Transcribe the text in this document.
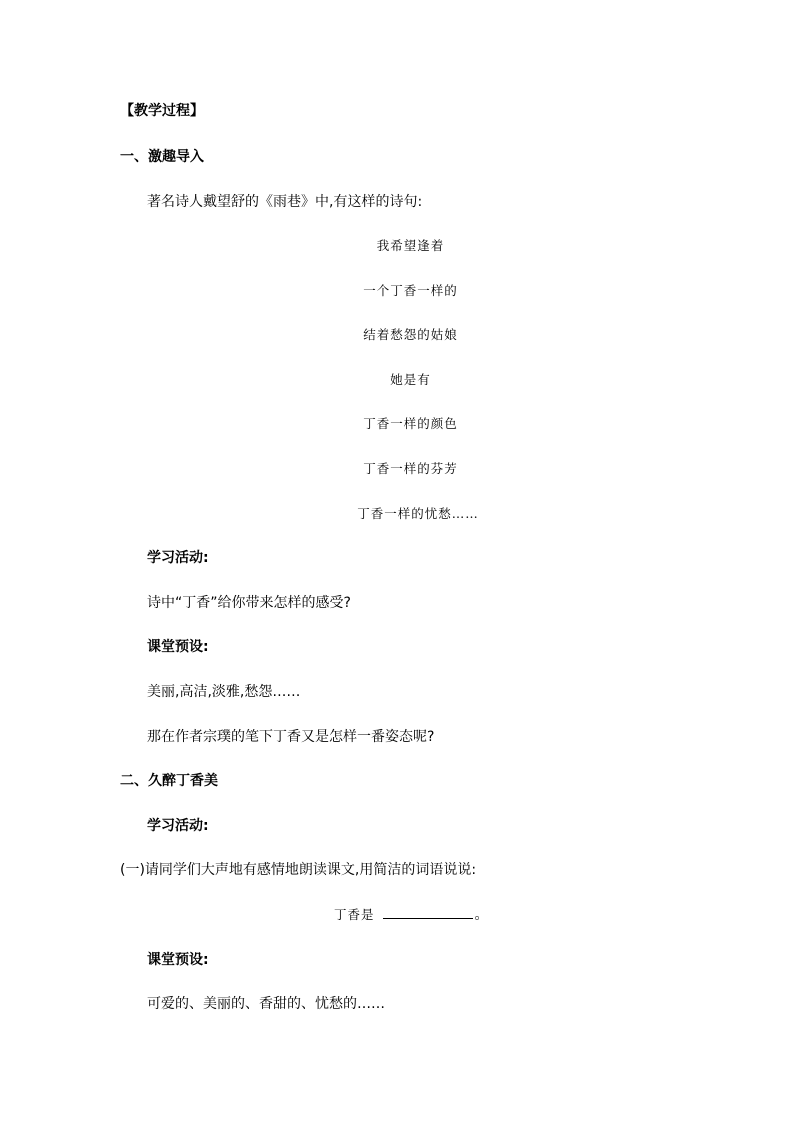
【教学过程】
一、激趣导入
著名诗人戴望舒的《雨巷》中,有这样的诗句:
我希望逢着
一个丁香一样的
结着愁怨的姑娘
她是有
丁香一样的颜色
丁香一样的芬芳
丁香一样的忧愁……
学习活动:
诗中“丁香”给你带来怎样的感受?
课堂预设:
美丽,高洁,淡雅,愁怨……
那在作者宗璞的笔下丁香又是怎样一番姿态呢?
二、久醉丁香美
学习活动:
(一)请同学们大声地有感情地朗读课文,用简洁的词语说说:
丁香是	。
课堂预设:
可爱的、美丽的、香甜的、忧愁的……
